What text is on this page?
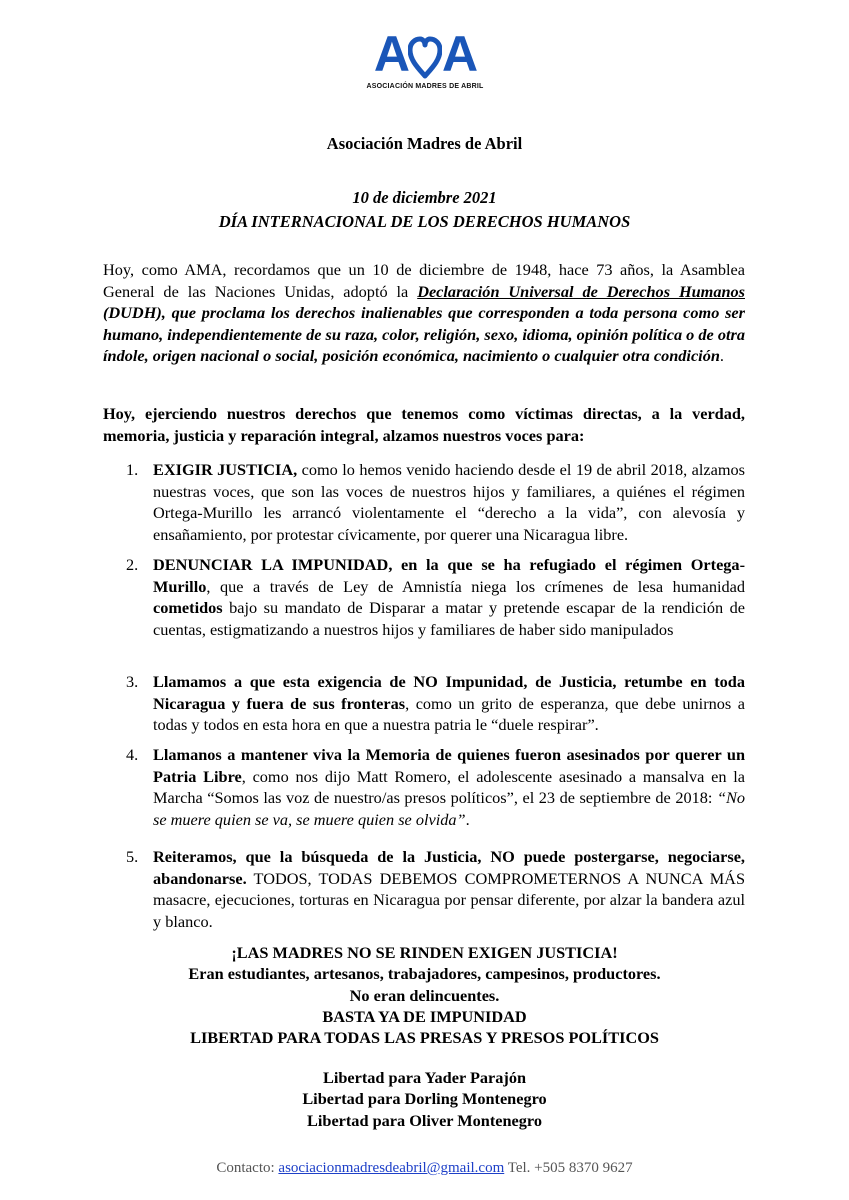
A A
ASOCIACIÓN MADRES DE ABRIL
Asociación Madres de Abril
10 de diciembre 2021
DÍA INTERNACIONAL DE LOS DERECHOS HUMANOS
Hoy, como AMA, recordamos que un 10 de diciembre de 1948, hace 73 años, la Asamblea General de las Naciones Unidas, adoptó la Declaración Universal de Derechos Humanos (DUDH), que proclama los derechos inalienables que corresponden a toda persona como ser humano, independientemente de su raza, color, religión, sexo, idioma, opinión política o de otra índole, origen nacional o social, posición económica, nacimiento o cualquier otra condición.
Hoy, ejerciendo nuestros derechos que tenemos como víctimas directas, a la verdad, memoria, justicia y reparación integral, alzamos nuestros voces para:
1. EXIGIR JUSTICIA, como lo hemos venido haciendo desde el 19 de abril 2018, alzamos nuestras voces, que son las voces de nuestros hijos y familiares, a quiénes el régimen Ortega-Murillo les arrancó violentamente el “derecho a la vida”, con alevosía y ensañamiento, por protestar cívicamente, por querer una Nicaragua libre.
2. DENUNCIAR LA IMPUNIDAD, en la que se ha refugiado el régimen Ortega-Murillo, que a través de Ley de Amnistía niega los crímenes de lesa humanidad cometidos bajo su mandato de Disparar a matar y pretende escapar de la rendición de cuentas, estigmatizando a nuestros hijos y familiares de haber sido manipulados
3. Llamamos a que esta exigencia de NO Impunidad, de Justicia, retumbe en toda Nicaragua y fuera de sus fronteras, como un grito de esperanza, que debe unirnos a todas y todos en esta hora en que a nuestra patria le “duele respirar”.
4. Llamanos a mantener viva la Memoria de quienes fueron asesinados por querer un Patria Libre, como nos dijo Matt Romero, el adolescente asesinado a mansalva en la Marcha “Somos las voz de nuestro/as presos políticos”, el 23 de septiembre de 2018: “No se muere quien se va, se muere quien se olvida”.
5. Reiteramos, que la búsqueda de la Justicia, NO puede postergarse, negociarse, abandonarse. TODOS, TODAS DEBEMOS COMPROMETERNOS A NUNCA MÁS masacre, ejecuciones, torturas en Nicaragua por pensar diferente, por alzar la bandera azul y blanco.
¡LAS MADRES NO SE RINDEN EXIGEN JUSTICIA!
Eran estudiantes, artesanos, trabajadores, campesinos, productores.
No eran delincuentes.
BASTA YA DE IMPUNIDAD
LIBERTAD PARA TODAS LAS PRESAS Y PRESOS POLÍTICOS
Libertad para Yader Parajón
Libertad para Dorling Montenegro
Libertad para Oliver Montenegro
Contacto: asociacionmadresdeabril@gmail.com Tel. +505 8370 9627
